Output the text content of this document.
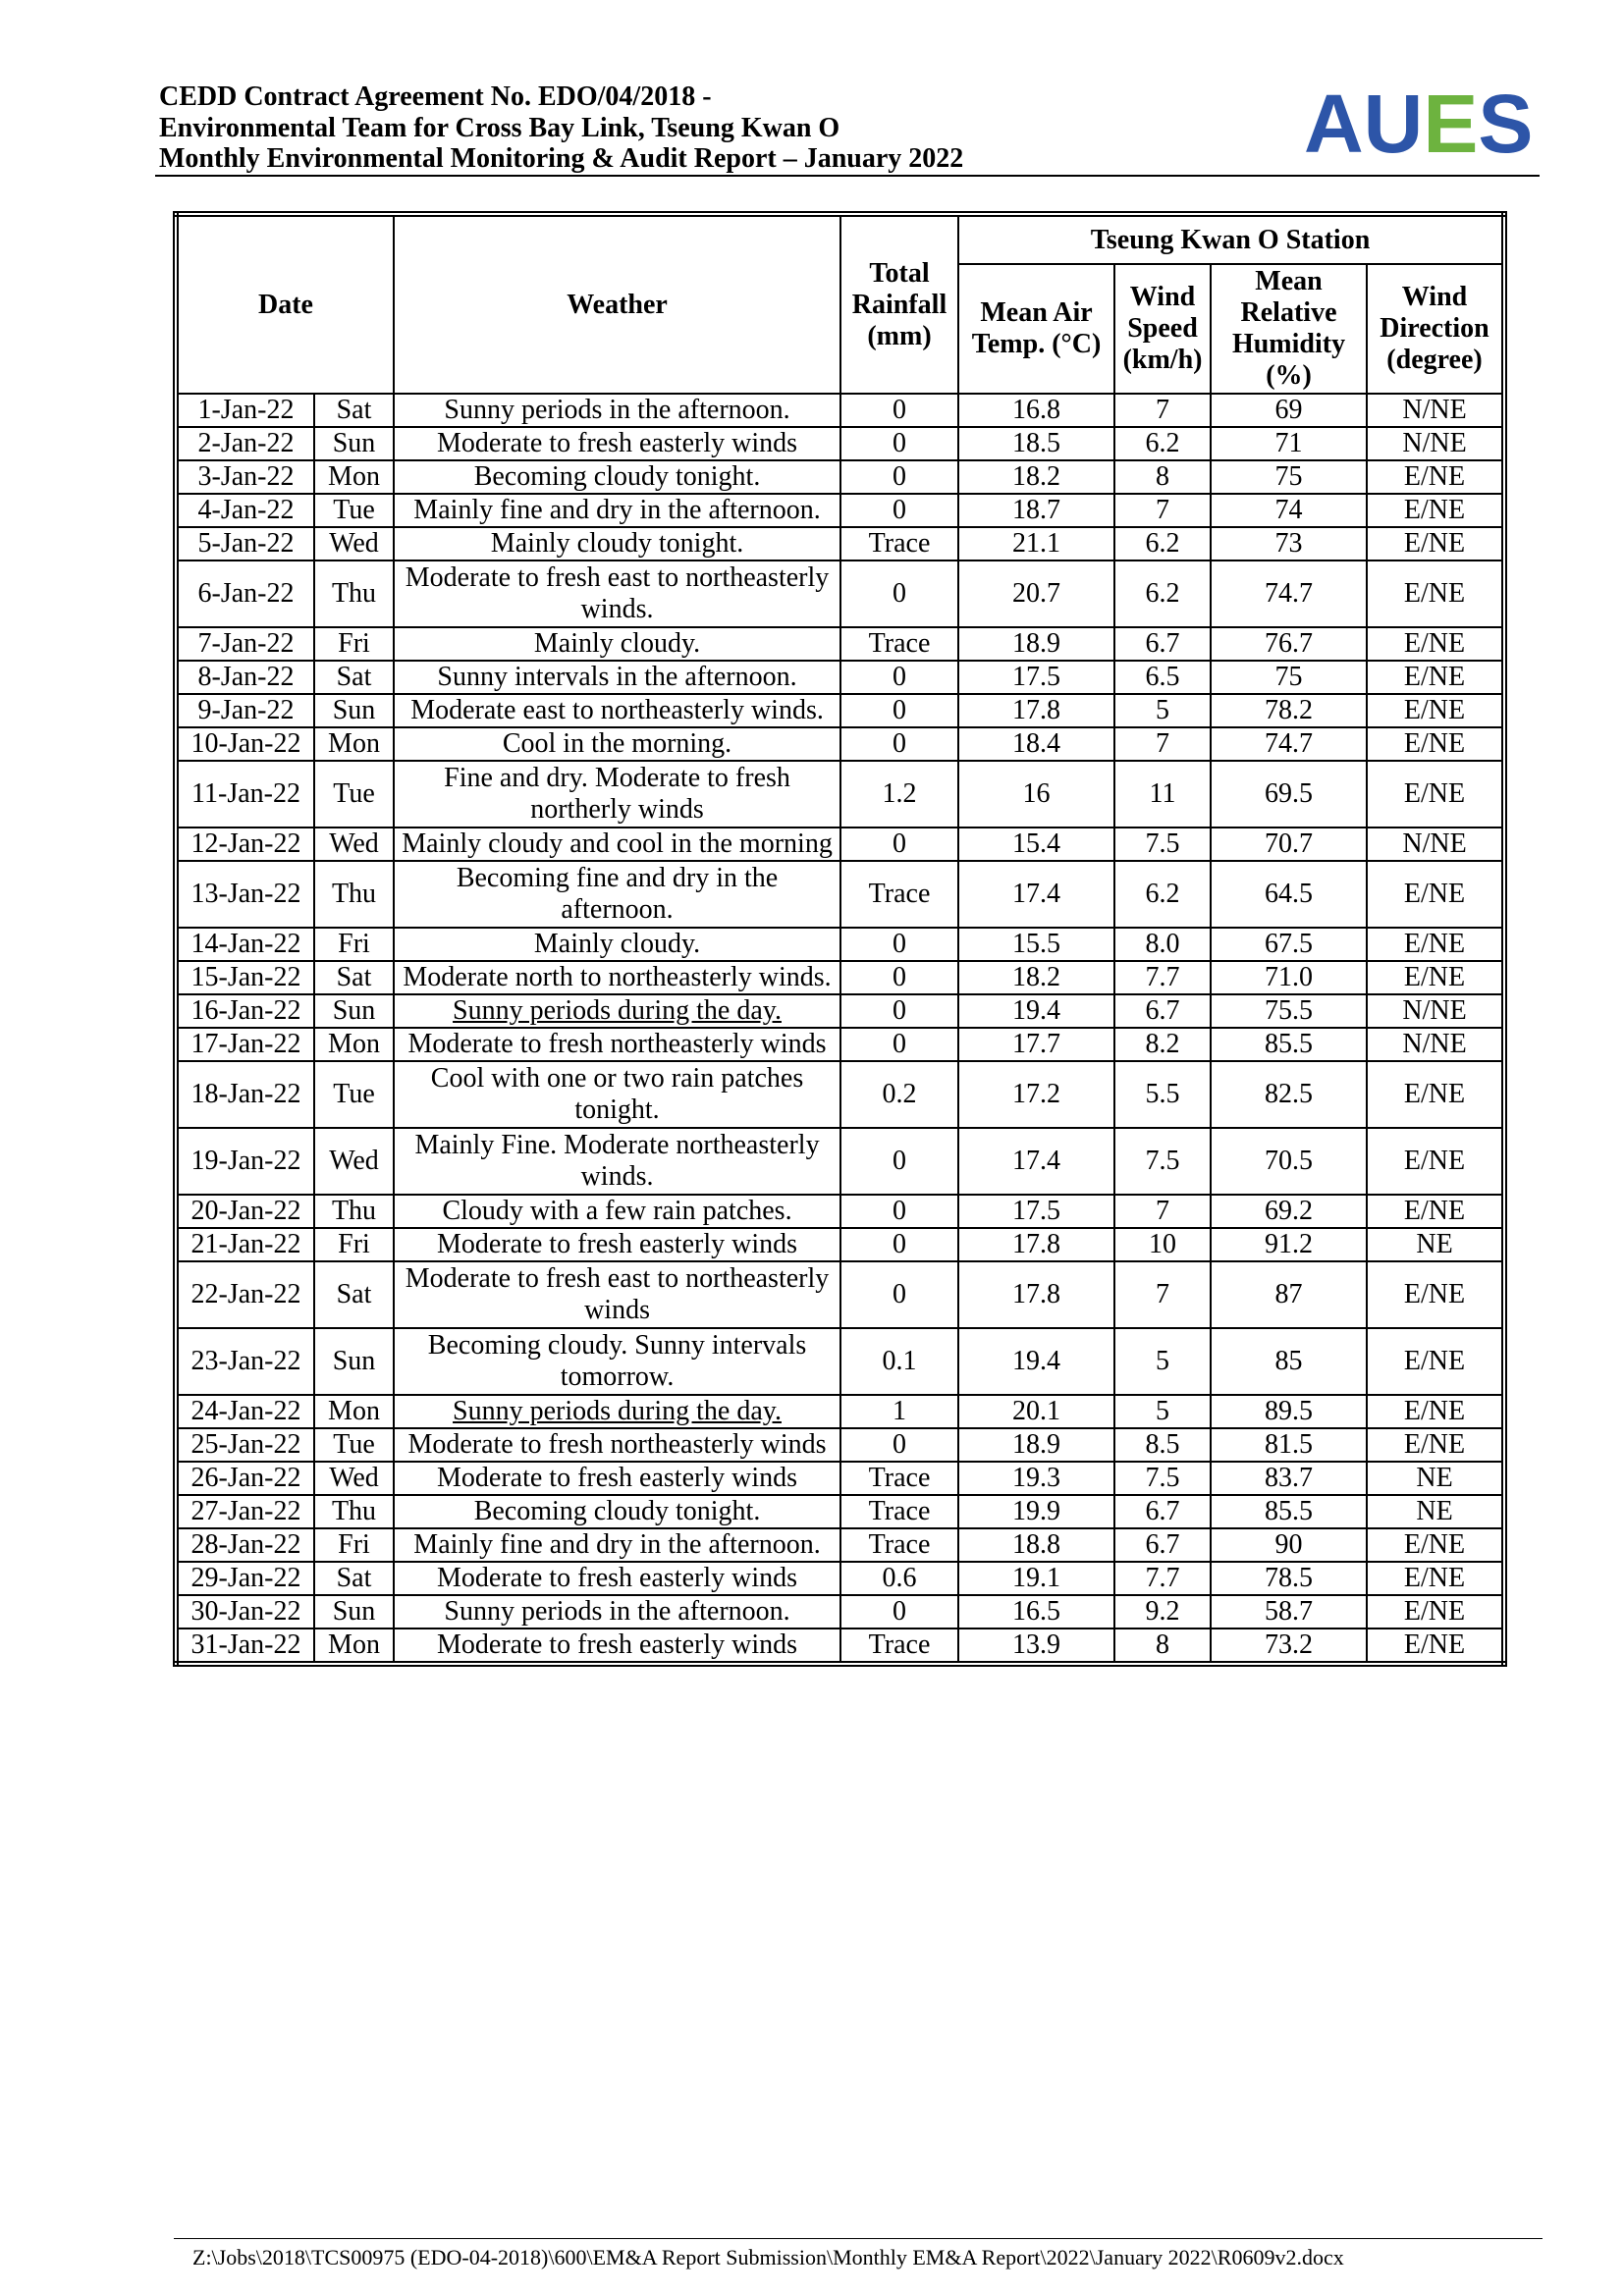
CEDD Contract Agreement No. EDO/04/2018 -
Environmental Team for Cross Bay Link, Tseung Kwan O
Monthly Environmental Monitoring & Audit Report – January 2022	AUES
Date		Weather	Total Rainfall (mm)	Tseung Kwan O Station			
				Mean Air Temp. (°C)	Wind Speed (km/h)	Mean Relative Humidity (%)	Wind Direction (degree)
1-Jan-22	Sat	Sunny periods in the afternoon.	0	16.8	7	69	N/NE
2-Jan-22	Sun	Moderate to fresh easterly winds	0	18.5	6.2	71	N/NE
3-Jan-22	Mon	Becoming cloudy tonight.	0	18.2	8	75	E/NE
4-Jan-22	Tue	Mainly fine and dry in the afternoon.	0	18.7	7	74	E/NE
5-Jan-22	Wed	Mainly cloudy tonight.	Trace	21.1	6.2	73	E/NE
6-Jan-22	Thu	Moderate to fresh east to northeasterly winds.	0	20.7	6.2	74.7	E/NE
7-Jan-22	Fri	Mainly cloudy.	Trace	18.9	6.7	76.7	E/NE
8-Jan-22	Sat	Sunny intervals in the afternoon.	0	17.5	6.5	75	E/NE
9-Jan-22	Sun	Moderate east to northeasterly winds.	0	17.8	5	78.2	E/NE
10-Jan-22	Mon	Cool in the morning.	0	18.4	7	74.7	E/NE
11-Jan-22	Tue	Fine and dry. Moderate to fresh northerly winds	1.2	16	11	69.5	E/NE
12-Jan-22	Wed	Mainly cloudy and cool in the morning	0	15.4	7.5	70.7	N/NE
13-Jan-22	Thu	Becoming fine and dry in the afternoon.	Trace	17.4	6.2	64.5	E/NE
14-Jan-22	Fri	Mainly cloudy.	0	15.5	8.0	67.5	E/NE
15-Jan-22	Sat	Moderate north to northeasterly winds.	0	18.2	7.7	71.0	E/NE
16-Jan-22	Sun	Sunny periods during the day.	0	19.4	6.7	75.5	N/NE
17-Jan-22	Mon	Moderate to fresh northeasterly winds	0	17.7	8.2	85.5	N/NE
18-Jan-22	Tue	Cool with one or two rain patches tonight.	0.2	17.2	5.5	82.5	E/NE
19-Jan-22	Wed	Mainly Fine. Moderate northeasterly winds.	0	17.4	7.5	70.5	E/NE
20-Jan-22	Thu	Cloudy with a few rain patches.	0	17.5	7	69.2	E/NE
21-Jan-22	Fri	Moderate to fresh easterly winds	0	17.8	10	91.2	NE
22-Jan-22	Sat	Moderate to fresh east to northeasterly winds	0	17.8	7	87	E/NE
23-Jan-22	Sun	Becoming cloudy. Sunny intervals tomorrow.	0.1	19.4	5	85	E/NE
24-Jan-22	Mon	Sunny periods during the day.	1	20.1	5	89.5	E/NE
25-Jan-22	Tue	Moderate to fresh northeasterly winds	0	18.9	8.5	81.5	E/NE
26-Jan-22	Wed	Moderate to fresh easterly winds	Trace	19.3	7.5	83.7	NE
27-Jan-22	Thu	Becoming cloudy tonight.	Trace	19.9	6.7	85.5	NE
28-Jan-22	Fri	Mainly fine and dry in the afternoon.	Trace	18.8	6.7	90	E/NE
29-Jan-22	Sat	Moderate to fresh easterly winds	0.6	19.1	7.7	78.5	E/NE
30-Jan-22	Sun	Sunny periods in the afternoon.	0	16.5	9.2	58.7	E/NE
31-Jan-22	Mon	Moderate to fresh easterly winds	Trace	13.9	8	73.2	E/NE
Z:\Jobs\2018\TCS00975 (EDO-04-2018)\600\EM&A Report Submission\Monthly EM&A Report\2022\January 2022\R0609v2.docx
